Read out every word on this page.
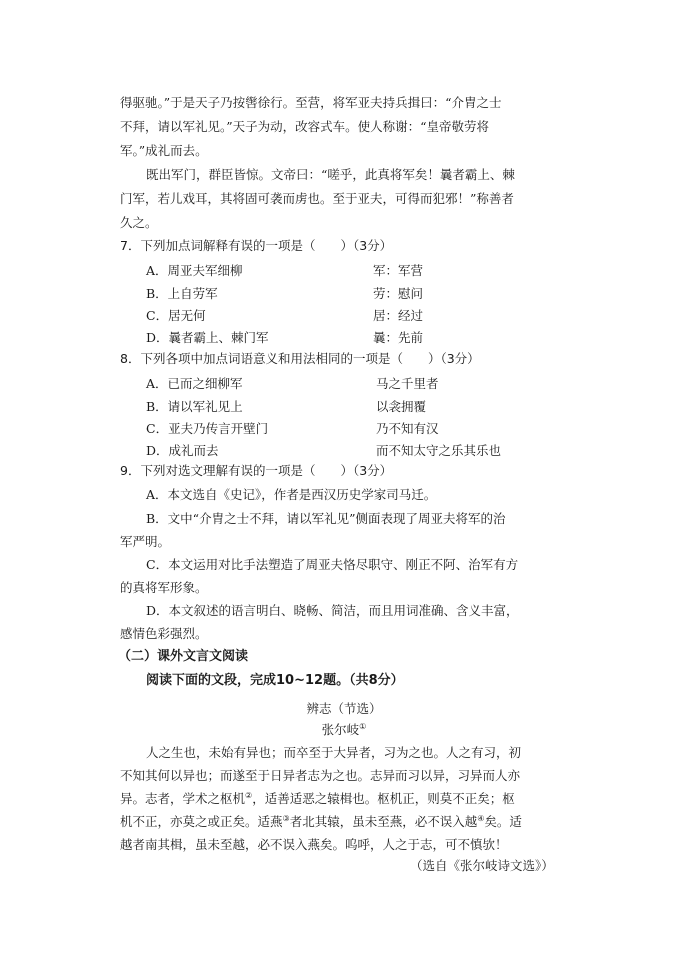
得驱驰。”于是天子乃按辔徐行。至营，将军亚夫持兵揖曰：“介胄之士
不拜，请以军礼见。”天子为动，改容式车。使人称谢：“皇帝敬劳将
军。”成礼而去。
既出军门，群臣皆惊。文帝曰：“嗟乎，此真将军矣！曩者霸上、棘
门军，若儿戏耳，其将固可袭而虏也。至于亚夫，可得而犯邪！”称善者
久之。
7．下列加点词解释有误的一项是（　　）（3分）
A．周亚夫军细柳	军：军营
B．上自劳军	劳：慰问
C．居无何	居：经过
D．曩者霸上、棘门军	曩：先前
8．下列各项中加点词语意义和用法相同的一项是（　　）（3分）
A．已而之细柳军	马之千里者
B．请以军礼见上	以衾拥覆
C．亚夫乃传言开壁门	乃不知有汉
D．成礼而去	而不知太守之乐其乐也
9．下列对选文理解有误的一项是（　　）（3分）
A．本文选自《史记》，作者是西汉历史学家司马迁。
B．文中“介胄之士不拜，请以军礼见”侧面表现了周亚夫将军的治
军严明。
C．本文运用对比手法塑造了周亚夫恪尽职守、刚正不阿、治军有方
的真将军形象。
D．本文叙述的语言明白、晓畅、简洁，而且用词准确、含义丰富，
感情色彩强烈。
（二）课外文言文阅读
阅读下面的文段，完成10~12题。（共8分）
辨志（节选）
张尔岐①
人之生也，未始有异也；而卒至于大异者，习为之也。人之有习，初
不知其何以异也；而遂至于日异者志为之也。志异而习以异，习异而人亦
异。志者，学术之枢机②，适善适恶之辕楫也。枢机正，则莫不正矣；枢
机不正，亦莫之或正矣。适燕③者北其辕，虽未至燕，必不误入越④矣。适
越者南其楫，虽未至越，必不误入燕矣。呜呼，人之于志，可不慎欤！
（选自《张尔岐诗文选》）
